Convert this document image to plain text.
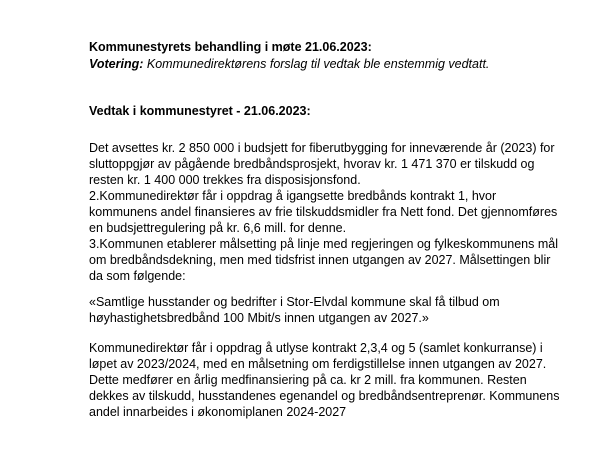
Kommunestyrets behandling i møte 21.06.2023:

Votering: Kommunedirektørens forslag til vedtak ble enstemmig vedtatt.

Vedtak i kommunestyret - 21.06.2023:

Det avsettes kr. 2 850 000 i budsjett for fiberutbygging for inneværende år (2023) for sluttoppgjør av pågående bredbåndsprosjekt, hvorav kr. 1 471 370 er tilskudd og resten kr. 1 400 000 trekkes fra disposisjonsfond.

2.Kommunedirektør får i oppdrag å igangsette bredbånds kontrakt 1, hvor kommunens andel finansieres av frie tilskuddsmidler fra Nett fond. Det gjennomføres en budsjettregulering på kr. 6,6 mill. for denne.

3.Kommunen etablerer målsetting på linje med regjeringen og fylkeskommunens mål om bredbåndsdekning, men med tidsfrist innen utgangen av 2027. Målsettingen blir da som følgende:

«Samtlige husstander og bedrifter i Stor-Elvdal kommune skal få tilbud om høyhastighetsbredbånd 100 Mbit/s innen utgangen av 2027.»

Kommunedirektør får i oppdrag å utlyse kontrakt 2,3,4 og 5 (samlet konkurranse) i løpet av 2023/2024, med en målsetning om ferdigstillelse innen utgangen av 2027. Dette medfører en årlig medfinansiering på ca. kr 2 mill. fra kommunen. Resten dekkes av tilskudd, husstandenes egenandel og bredbåndsentreprenør. Kommunens andel innarbeides i økonomiplanen 2024-2027
